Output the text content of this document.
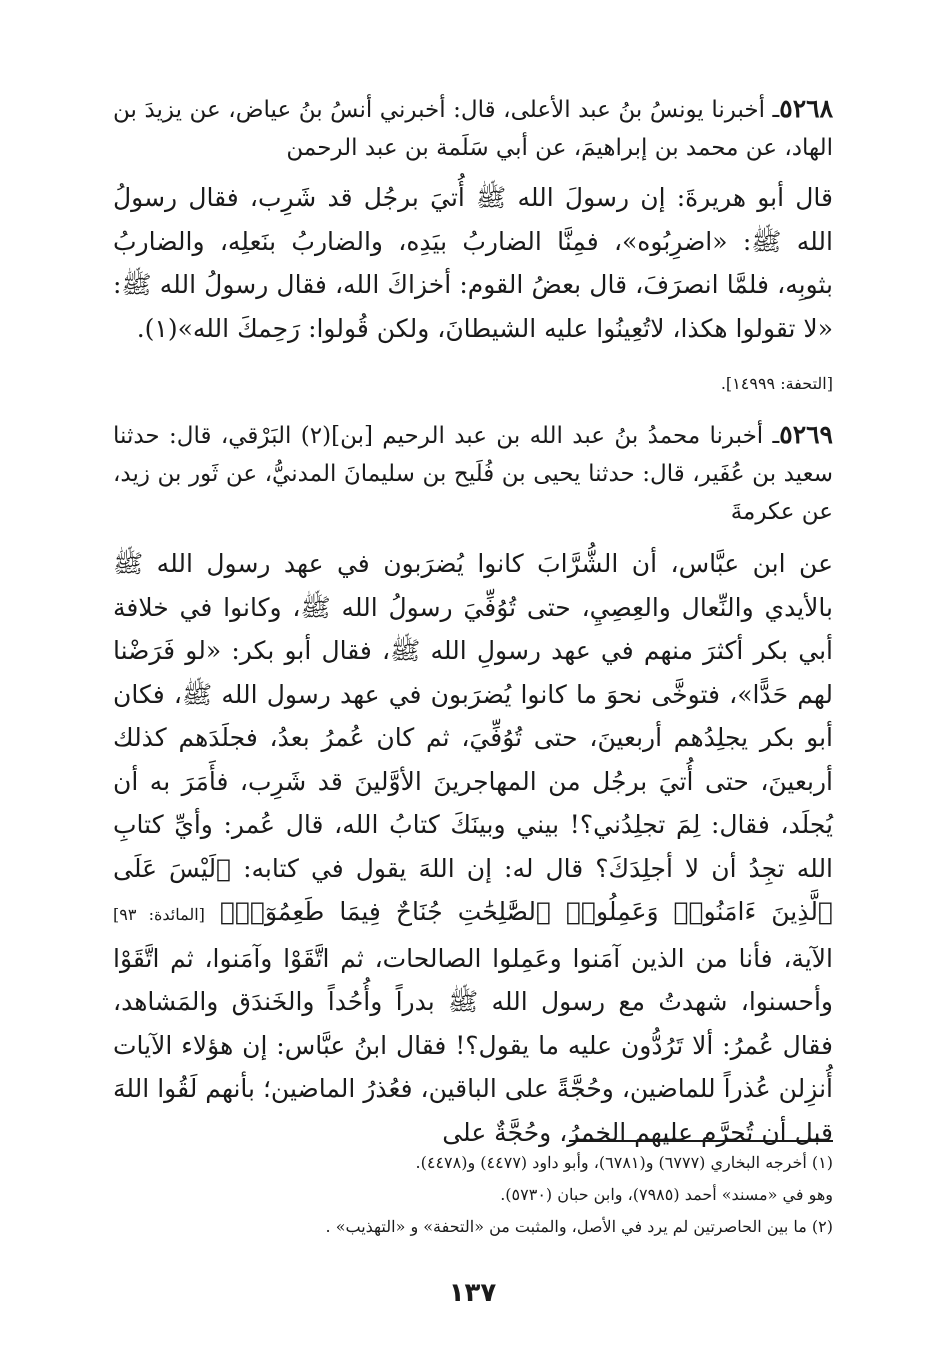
٥٢٦٨ـ أخبرنا يونسُ بنُ عبد الأعلى، قال: أخبرني أنسُ بنُ عياض، عن يزيدَ بن الهاد، عن محمد بن إبراهيمَ، عن أبي سَلَمة بن عبد الرحمن

قال أبو هريرةَ: إن رسولَ الله ﷺ أُتيَ برجُل قد شَرِب، فقال رسولُ الله ﷺ: «اضرِبُوه»، فمِنَّا الضاربُ بيَدِه، والضاربُ بنَعلِه، والضاربُ بثوبِه، فلمَّا انصرَفَ، قال بعضُ القوم: أخزاكَ الله، فقال رسولُ الله ﷺ: «لا تقولوا هكذا، لاتُعِينُوا عليه الشيطانَ، ولكن قُولوا: رَحِمكَ الله»(١).

[التحفة: ١٤٩٩٩].

٥٢٦٩ـ أخبرنا محمدُ بنُ عبد الله بن عبد الرحيم [بن](٢) البَرْقي، قال: حدثنا سعيد بن عُفَير، قال: حدثنا يحيى بن فُلَيح بن سليمانَ المدنيُّ، عن ثَور بن زيد، عن عكرمةَ

عن ابن عبَّاس، أن الشُّرَّابَ كانوا يُضرَبون في عهد رسول الله ﷺ بالأيدي والنِّعال والعِصِيِ، حتى تُوُفِّيَ رسولُ الله ﷺ، وكانوا في خلافة أبي بكر أكثرَ منهم في عهد رسولِ الله ﷺ، فقال أبو بكر: «لو فَرَضْنا لهم حَدًّا»، فتوخَّى نحوَ ما كانوا يُضرَبون في عهد رسول الله ﷺ، فكان أبو بكر يجلِدُهم أربعينَ، حتى تُوُفِّيَ، ثم كان عُمرُ بعدُ، فجلَدَهم كذلك أربعينَ، حتى أُتيَ برجُل من المهاجرينَ الأوَّلينَ قد شَرِب، فأَمَرَ به أن يُجلَد، فقال: لِمَ تجلِدُني؟! بيني وبينَكَ كتابُ الله، قال عُمر: وأيِّ كتابِ الله تجِدُ أن لا أجلِدَكَ؟ قال له: إن اللهَ يقول في كتابه: ﴿لَيْسَ عَلَى ٱلَّذِينَ ءَامَنُوا۟ وَعَمِلُوا۟ ٱلصَّٰلِحَٰتِ جُنَاحٌ فِيمَا طَعِمُوٓا۟﴾ [المائدة: ٩٣] الآية، فأنا من الذين آمَنوا وعَمِلوا الصالحات، ثم اتَّقَوْا وآمَنوا، ثم اتَّقَوْا وأحسنوا، شهدتُ مع رسول الله ﷺ بدراً وأُحُداً والخَندَق والمَشاهد، فقال عُمرُ: ألا تَرُدُّون عليه ما يقول؟! فقال ابنُ عبَّاس: إن هؤلاء الآيات أُنزِلن عُذراً للماضين، وحُجَّةً على الباقين، فعُذرُ الماضين؛ بأنهم لَقُوا اللهَ قبل أن تُحرَّم عليهم الخمرُ، وحُجَّةٌ على

(١) أخرجه البخاري (٦٧٧٧) و(٦٧٨١)، وأبو داود (٤٤٧٧) و(٤٤٧٨).

وهو في «مسند» أحمد (٧٩٨٥)، وابن حبان (٥٧٣٠).

(٢) ما بين الحاصرتين لم يرد في الأصل، والمثبت من «التحفة» و «التهذيب» .

١٣٧
